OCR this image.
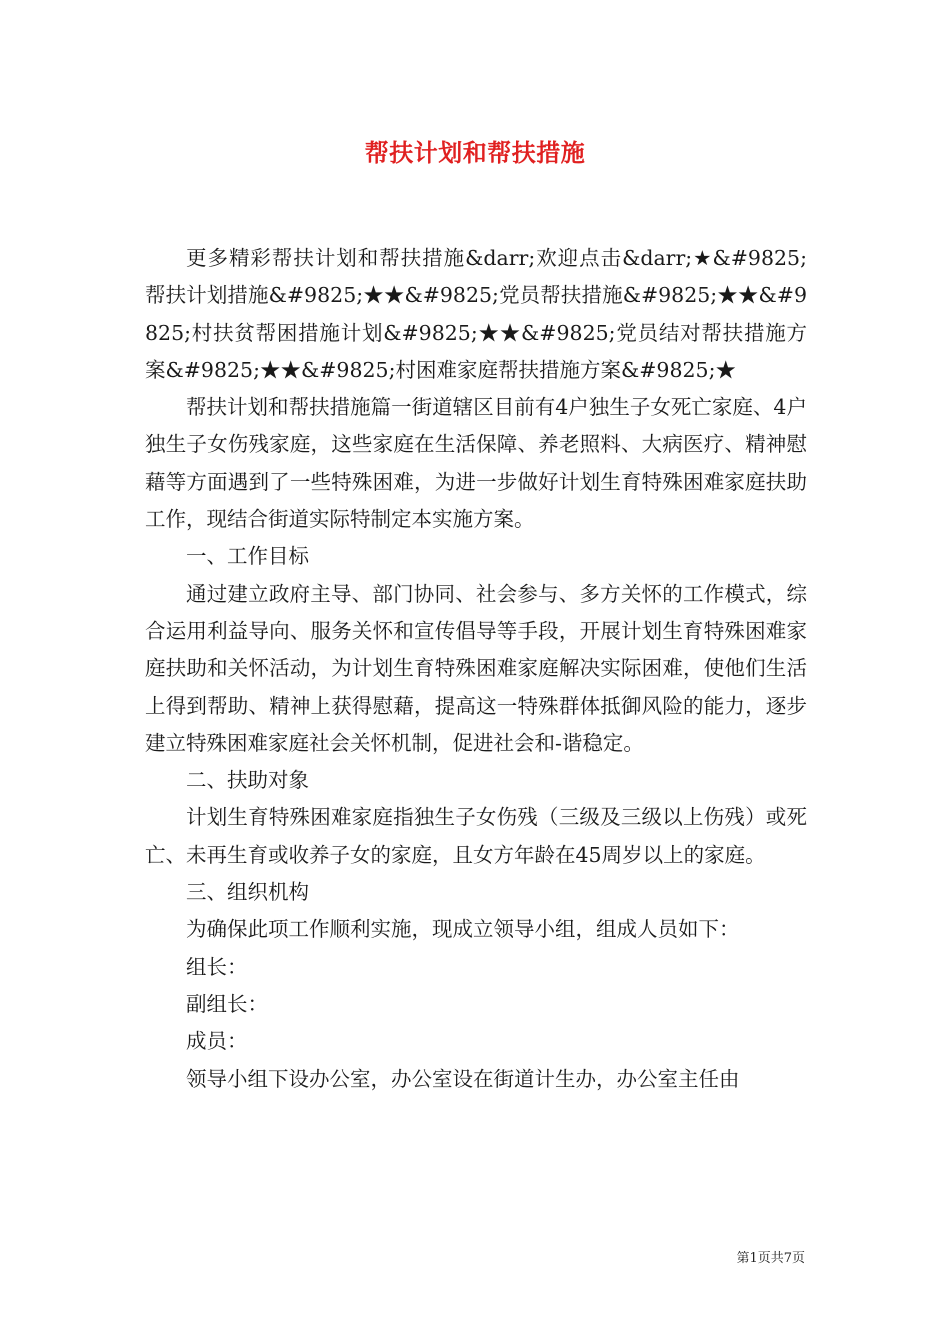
帮扶计划和帮扶措施

更多精彩帮扶计划和帮扶措施&darr;欢迎点击&darr;★&#9825;帮扶计划措施&#9825;★★&#9825;党员帮扶措施&#9825;★★&#9825;村扶贫帮困措施计划&#9825;★★&#9825;党员结对帮扶措施方案&#9825;★★&#9825;村困难家庭帮扶措施方案&#9825;★

帮扶计划和帮扶措施篇一街道辖区目前有4户独生子女死亡家庭、4户独生子女伤残家庭，这些家庭在生活保障、养老照料、大病医疗、精神慰藉等方面遇到了一些特殊困难，为进一步做好计划生育特殊困难家庭扶助工作，现结合街道实际特制定本实施方案。

一、工作目标

通过建立政府主导、部门协同、社会参与、多方关怀的工作模式，综合运用利益导向、服务关怀和宣传倡导等手段，开展计划生育特殊困难家庭扶助和关怀活动，为计划生育特殊困难家庭解决实际困难，使他们生活上得到帮助、精神上获得慰藉，提高这一特殊群体抵御风险的能力，逐步建立特殊困难家庭社会关怀机制，促进社会和-谐稳定。

二、扶助对象

计划生育特殊困难家庭指独生子女伤残（三级及三级以上伤残）或死亡、未再生育或收养子女的家庭，且女方年龄在45周岁以上的家庭。

三、组织机构

为确保此项工作顺利实施，现成立领导小组，组成人员如下：

组长：

副组长：

成员：

领导小组下设办公室，办公室设在街道计生办，办公室主任由

第1页共7页
